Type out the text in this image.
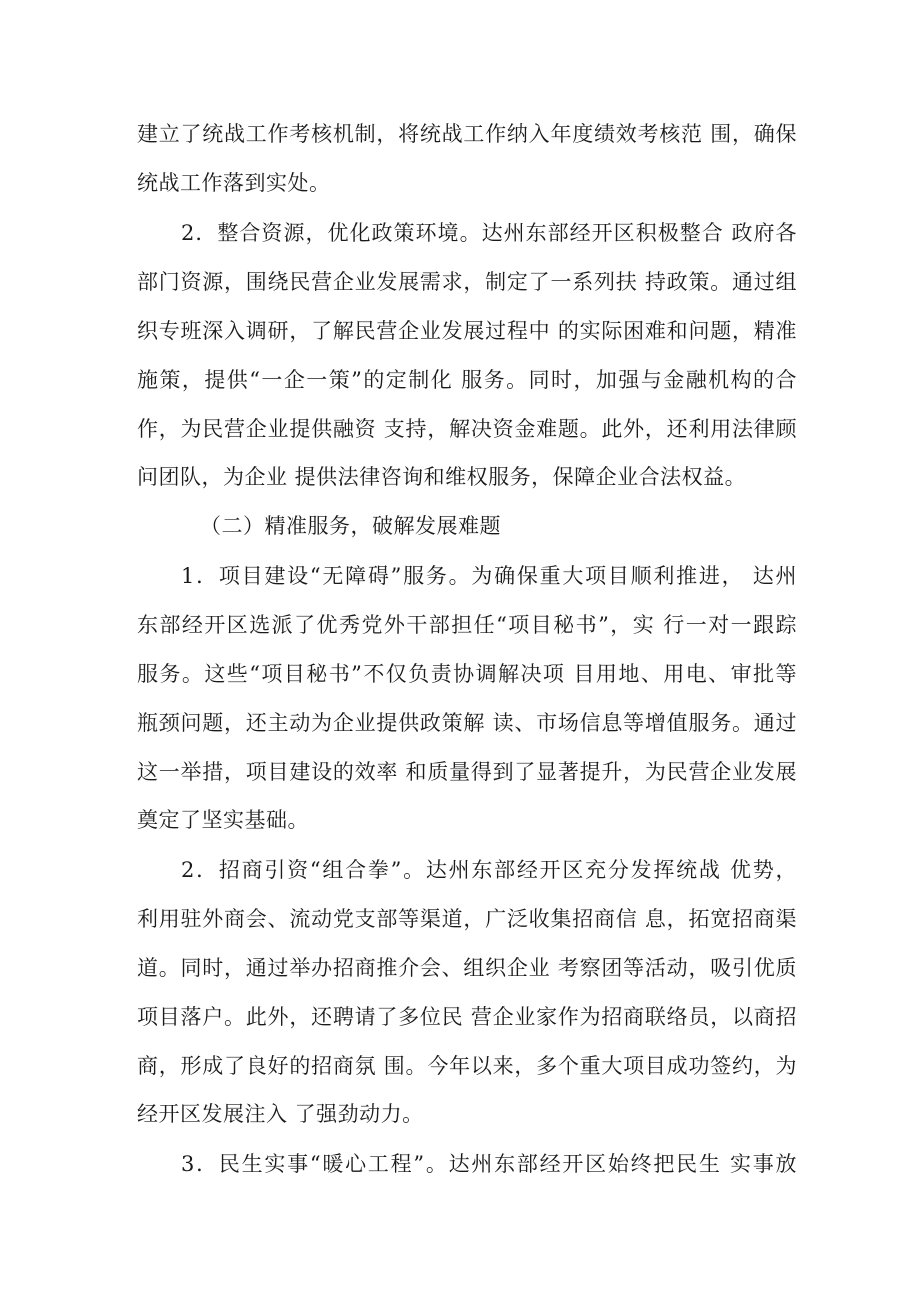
建立了统战工作考核机制，将统战工作纳入年度绩效考核范 围，确保
统战工作落到实处。
2．整合资源，优化政策环境。达州东部经开区积极整合 政府各
部门资源，围绕民营企业发展需求，制定了一系列扶 持政策。通过组
织专班深入调研，了解民营企业发展过程中 的实际困难和问题，精准
施策，提供“一企一策”的定制化 服务。同时，加强与金融机构的合
作，为民营企业提供融资 支持，解决资金难题。此外，还利用法律顾
问团队，为企业 提供法律咨询和维权服务，保障企业合法权益。
（二）精准服务，破解发展难题
1．项目建设“无障碍”服务。为确保重大项目顺利推进， 达州
东部经开区选派了优秀党外干部担任“项目秘书”，实 行一对一跟踪
服务。这些“项目秘书”不仅负责协调解决项 目用地、用电、审批等
瓶颈问题，还主动为企业提供政策解 读、市场信息等增值服务。通过
这一举措，项目建设的效率 和质量得到了显著提升，为民营企业发展
奠定了坚实基础。
2．招商引资“组合拳”。达州东部经开区充分发挥统战 优势，
利用驻外商会、流动党支部等渠道，广泛收集招商信 息，拓宽招商渠
道。同时，通过举办招商推介会、组织企业 考察团等活动，吸引优质
项目落户。此外，还聘请了多位民 营企业家作为招商联络员，以商招
商，形成了良好的招商氛 围。今年以来，多个重大项目成功签约，为
经开区发展注入 了强劲动力。
3．民生实事“暖心工程”。达州东部经开区始终把民生 实事放
